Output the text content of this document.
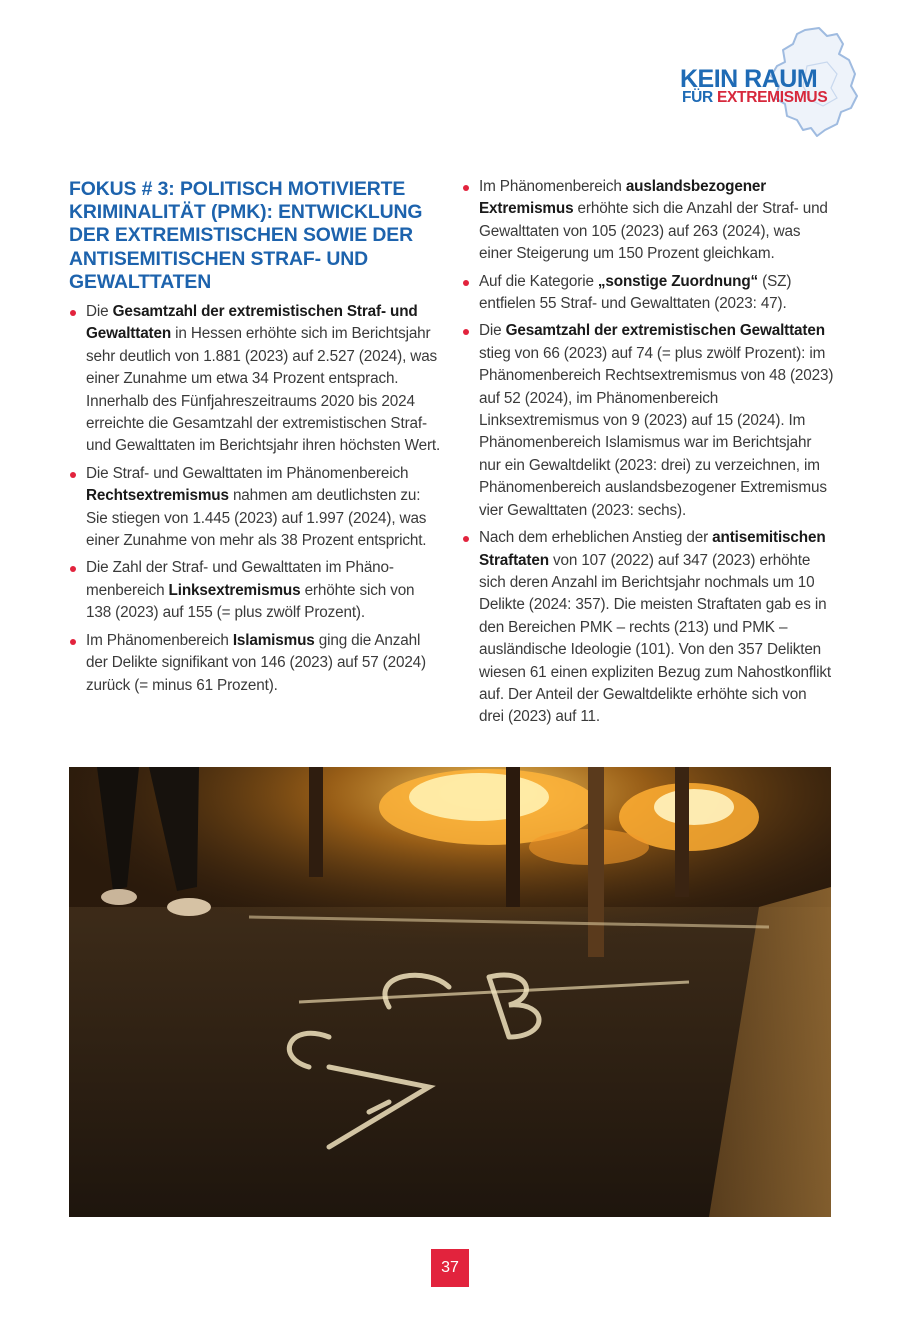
KEIN RAUM
FÜR EXTREMISMUS
FOKUS # 3: POLITISCH MOTIVIERTE KRIMINALITÄT (PMK): ENTWICKLUNG DER EXTREMISTISCHEN SOWIE DER ANTISEMITISCHEN STRAF- UND GEWALTTATEN
Die Gesamtzahl der extremistischen Straf- und Gewalttaten in Hessen erhöhte sich im Berichtsjahr sehr deutlich von 1.881 (2023) auf 2.527 (2024), was einer Zunahme um etwa 34 Prozent entsprach. Innerhalb des Fünfjahreszeitraums 2020 bis 2024 erreichte die Gesamtzahl der extremistischen Straf- und Gewalttaten im Berichtsjahr ihren höchsten Wert.
Die Straf- und Gewalttaten im Phänomenbereich Rechtsextremismus nahmen am deutlichsten zu: Sie stiegen von 1.445 (2023) auf 1.997 (2024), was einer Zunahme von mehr als 38 Prozent entspricht.
Die Zahl der Straf- und Gewalttaten im Phänomenbereich Linksextremismus erhöhte sich von 138 (2023) auf 155 (= plus zwölf Prozent).
Im Phänomenbereich Islamismus ging die Anzahl der Delikte signifikant von 146 (2023) auf 57 (2024) zurück (= minus 61 Prozent).
Im Phänomenbereich auslandsbezogener Extremismus erhöhte sich die Anzahl der Straf- und Gewalttaten von 105 (2023) auf 263 (2024), was einer Steigerung um 150 Prozent gleichkam.
Auf die Kategorie „sonstige Zuordnung“ (SZ) entfielen 55 Straf- und Gewalttaten (2023: 47).
Die Gesamtzahl der extremistischen Gewalttaten stieg von 66 (2023) auf 74 (= plus zwölf Prozent): im Phänomenbereich Rechtsextremismus von 48 (2023) auf 52 (2024), im Phänomenbereich Linksextremismus von 9 (2023) auf 15 (2024). Im Phänomenbereich Islamismus war im Berichtsjahr nur ein Gewaltdelikt (2023: drei) zu verzeichnen, im Phänomenbereich auslandsbezogener Extremismus vier Gewalttaten (2023: sechs).
Nach dem erheblichen Anstieg der antisemitischen Straftaten von 107 (2022) auf 347 (2023) erhöhte sich deren Anzahl im Berichtsjahr nochmals um 10 Delikte (2024: 357). Die meisten Straftaten gab es in den Bereichen PMK – rechts (213) und PMK – ausländische Ideologie (101). Von den 357 Delikten wiesen 61 einen expliziten Bezug zum Nahostkonflikt auf. Der Anteil der Gewaltdelikte erhöhte sich von drei (2023) auf 11.
37
